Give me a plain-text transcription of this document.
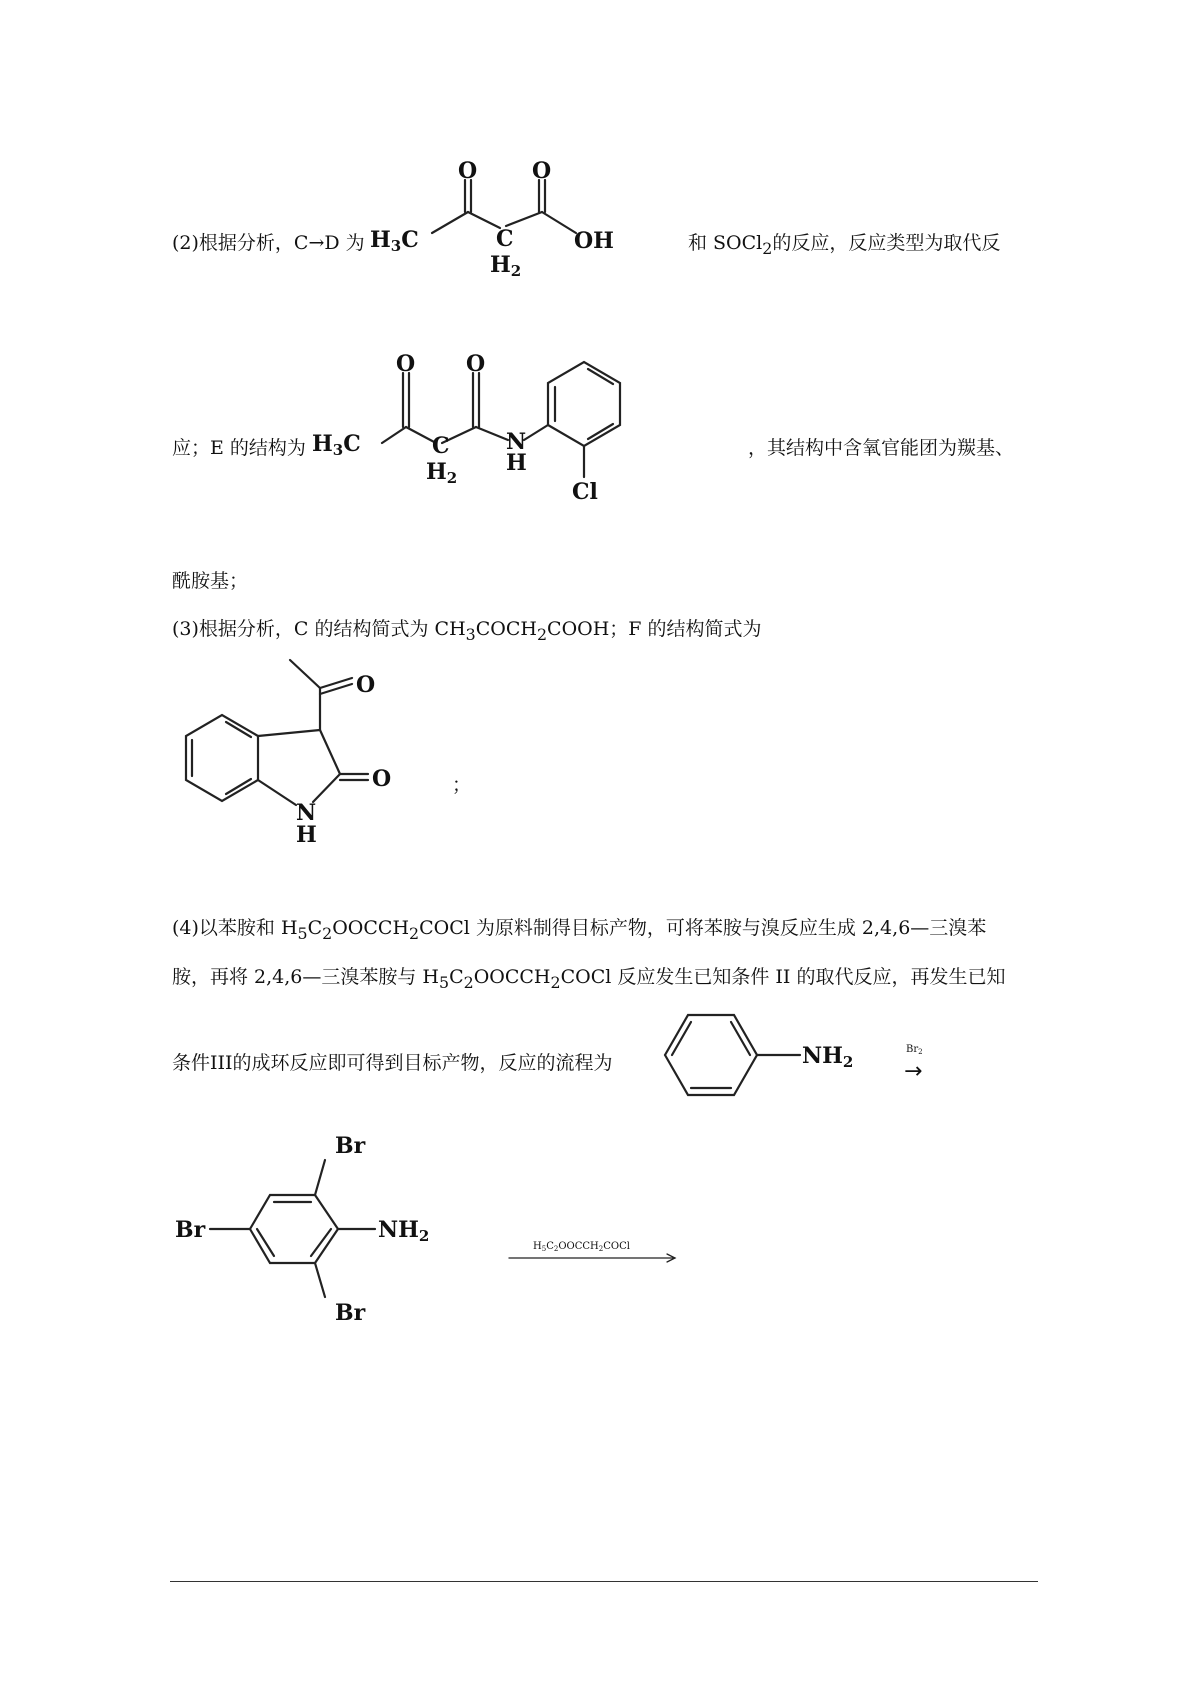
(2)根据分析，C→D 为
O O
H3C	C
H2
OH	和 SOCl$_2$的反应，反应类型为取代反
应；E 的结构为
O O
H3C	C
H2
N
H
Cl
，其结构中含氧官能团为羰基、
酰胺基；
(3)根据分析，C 的结构简式为 $CH_3COCH_2COOH$；F 的结构简式为
O
O
N
H
；
(4)以苯胺和 $H_5C_2OOCCH_2COCl$ 为原料制得目标产物，可将苯胺与溴反应生成 2,4,6—三溴苯
胺，再将 2,4,6—三溴苯胺与 $H_5C_2OOCCH_2COCl$ 反应发生已知条件 II 的取代反应，再发生已知
条件III的成环反应即可得到目标产物，反应的流程为	NH2
Br2
→
Br
Br
Br	NH2
H5C2OOCCH2COCl
